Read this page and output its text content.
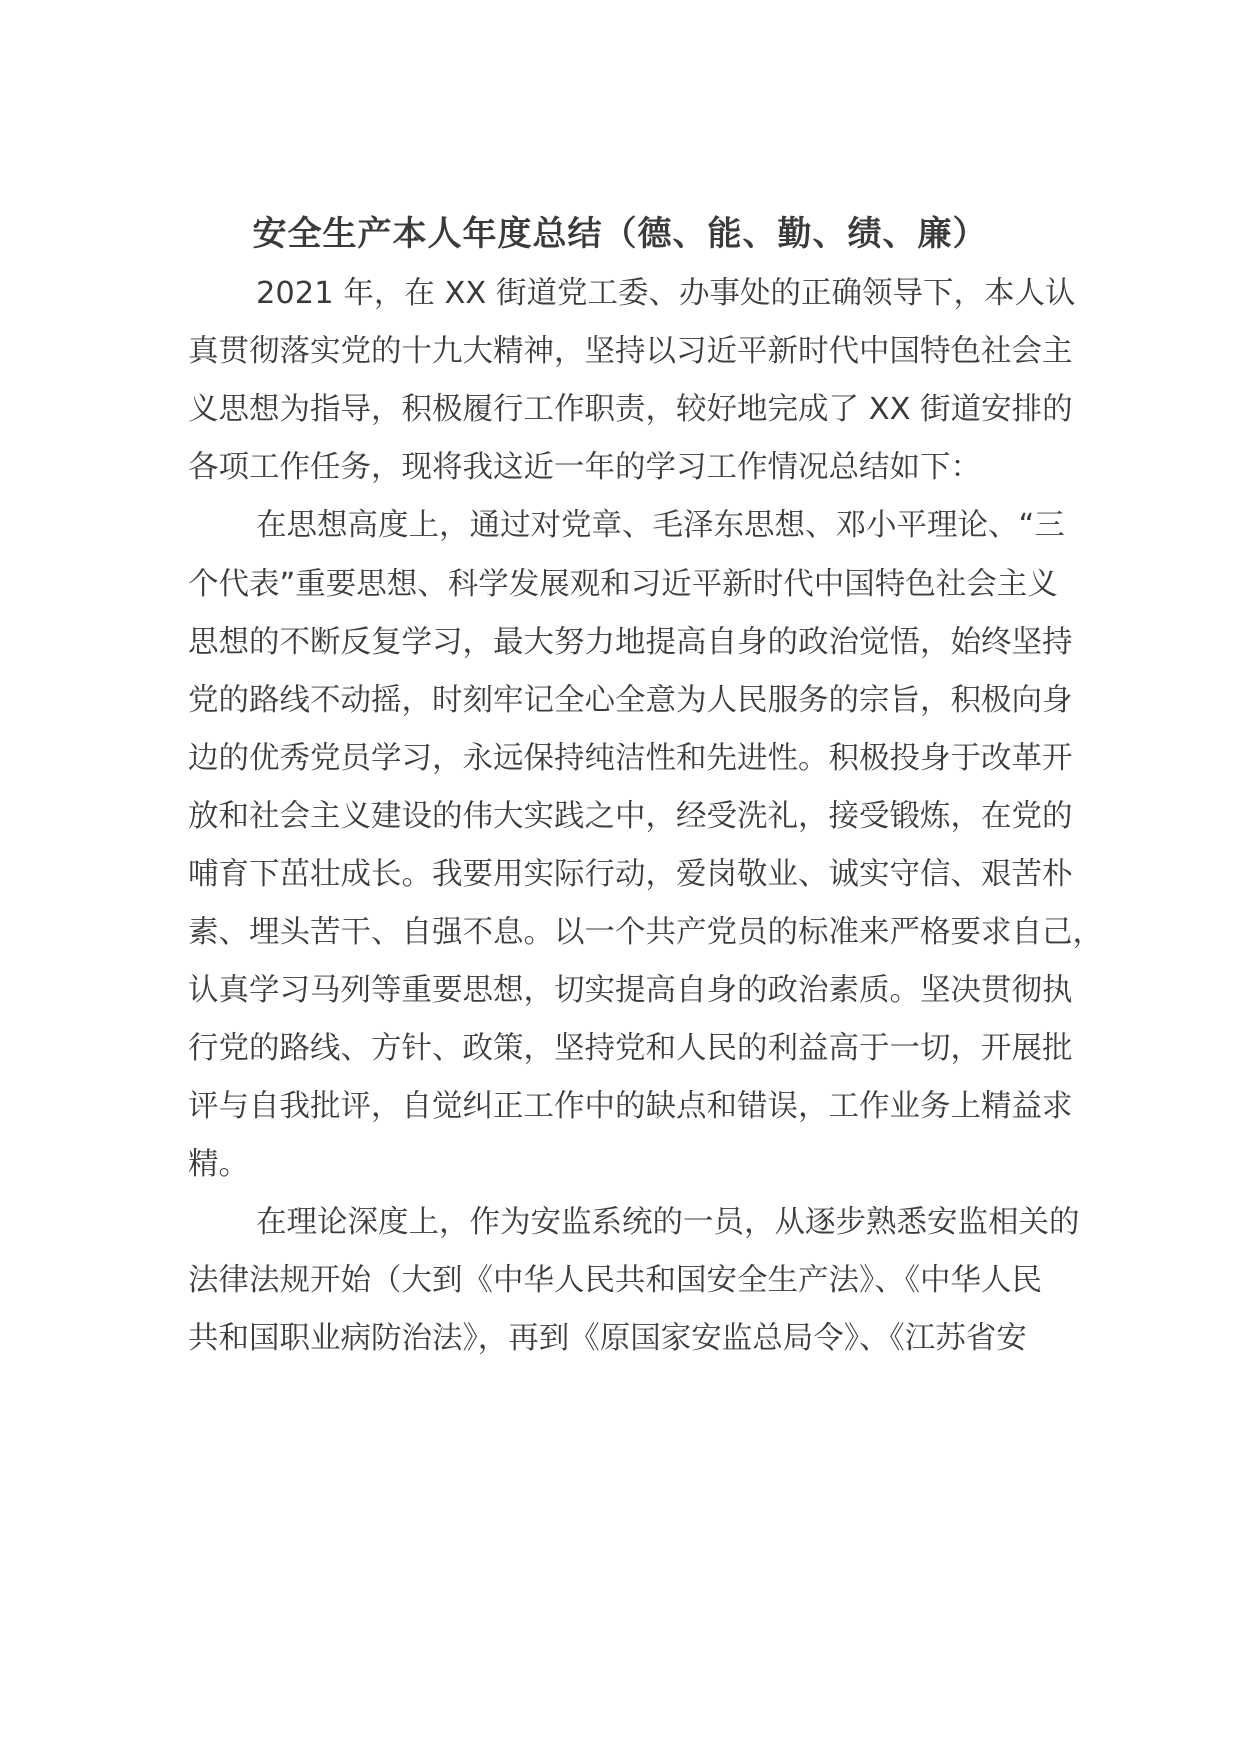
安全生产本人年度总结（德、能、勤、绩、廉）
2021 年，在 XX 街道党工委、办事处的正确领导下，本人认
真贯彻落实党的十九大精神，坚持以习近平新时代中国特色社会主
义思想为指导，积极履行工作职责，较好地完成了 XX 街道安排的
各项工作任务，现将我这近一年的学习工作情况总结如下：
在思想高度上，通过对党章、毛泽东思想、邓小平理论、“三
个代表”重要思想、科学发展观和习近平新时代中国特色社会主义
思想的不断反复学习，最大努力地提高自身的政治觉悟，始终坚持
党的路线不动摇，时刻牢记全心全意为人民服务的宗旨，积极向身
边的优秀党员学习，永远保持纯洁性和先进性。积极投身于改革开
放和社会主义建设的伟大实践之中，经受洗礼，接受锻炼，在党的
哺育下茁壮成长。我要用实际行动，爱岗敬业、诚实守信、艰苦朴
素、埋头苦干、自强不息。以一个共产党员的标准来严格要求自己，
认真学习马列等重要思想，切实提高自身的政治素质。坚决贯彻执
行党的路线、方针、政策，坚持党和人民的利益高于一切，开展批
评与自我批评，自觉纠正工作中的缺点和错误，工作业务上精益求
精。
在理论深度上，作为安监系统的一员，从逐步熟悉安监相关的
法律法规开始（大到《中华人民共和国安全生产法》、《中华人民
共和国职业病防治法》，再到《原国家安监总局令》、《江苏省安
